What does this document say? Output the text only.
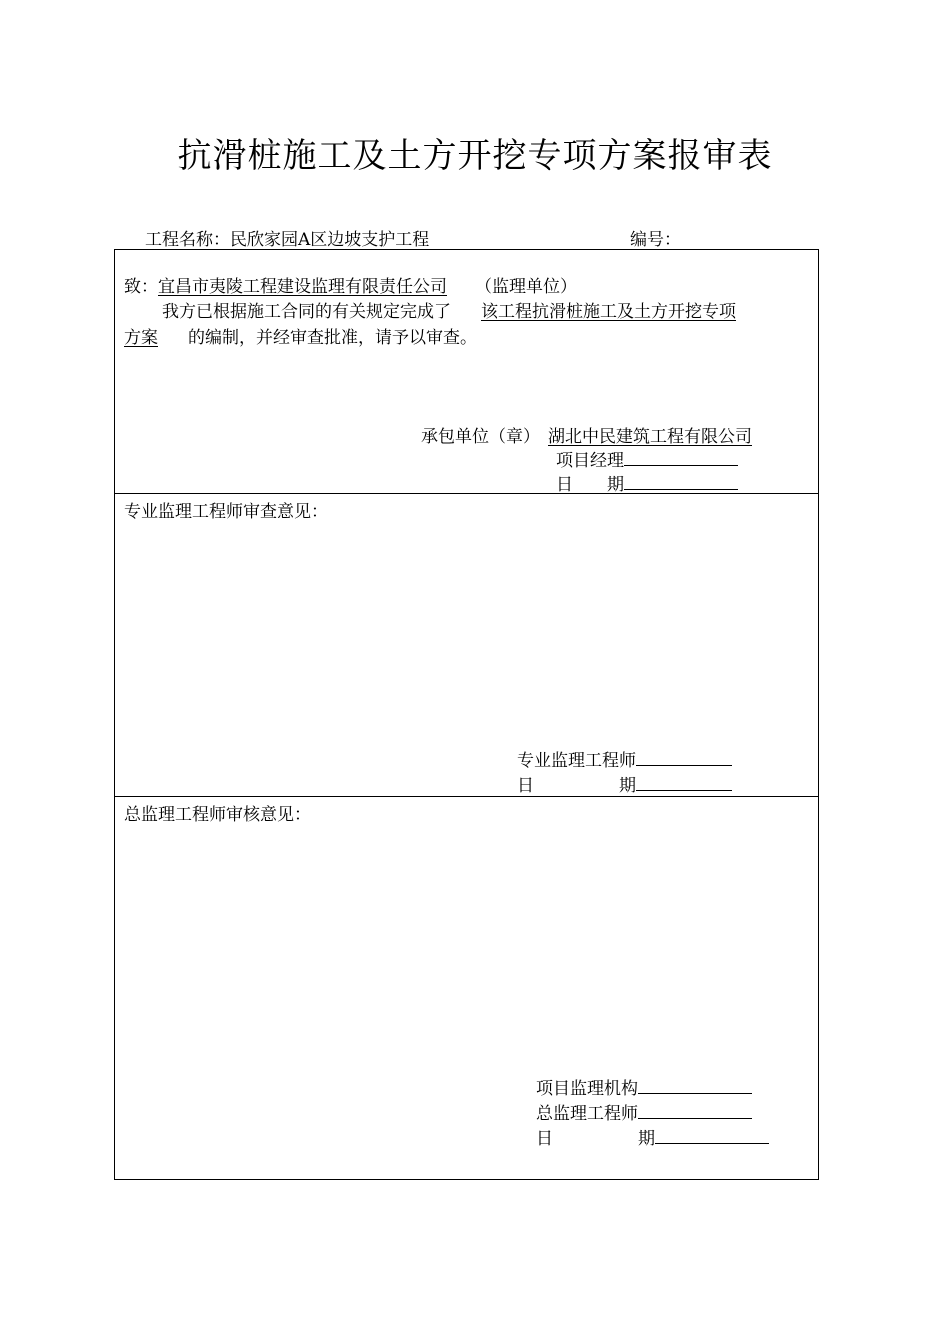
抗滑桩施工及土方开挖专项方案报审表
工程名称：民欣家园A区边坡支护工程	编号：
致：宜昌市夷陵工程建设监理有限责任公司 （监理单位）
我方已根据施工合同的有关规定完成了 该工程抗滑桩施工及土方开挖专项
方案 的编制，并经审查批准，请予以审查。
承包单位（章） 湖北中民建筑工程有限公司
项目经理
日　　期
专业监理工程师审查意见：
专业监理工程师
日　　　　　期
总监理工程师审核意见：
项目监理机构
总监理工程师
日　　　　　期
